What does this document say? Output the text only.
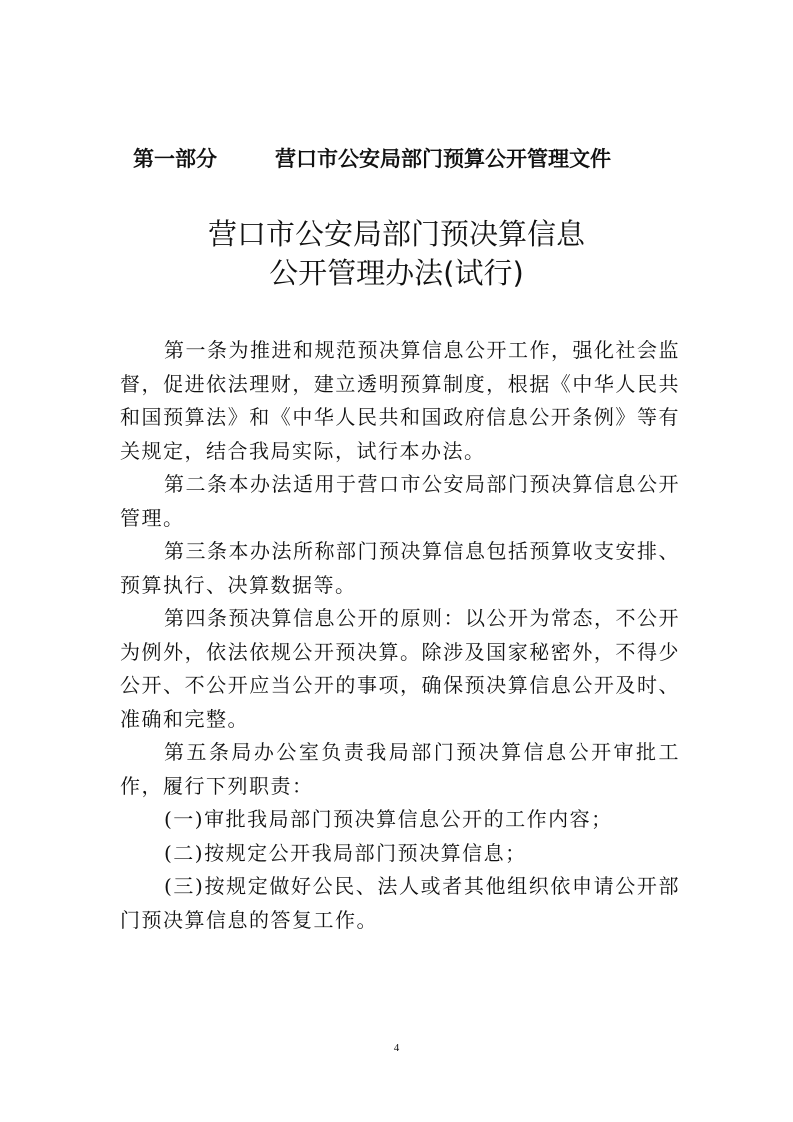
第一部分	营口市公安局部门预算公开管理文件
营口市公安局部门预决算信息
公开管理办法(试行)

第一条为推进和规范预决算信息公开工作，强化社会监督，促进依法理财，建立透明预算制度，根据《中华人民共和国预算法》和《中华人民共和国政府信息公开条例》等有关规定，结合我局实际，试行本办法。

第二条本办法适用于营口市公安局部门预决算信息公开管理。

第三条本办法所称部门预决算信息包括预算收支安排、预算执行、决算数据等。

第四条预决算信息公开的原则：以公开为常态，不公开为例外，依法依规公开预决算。除涉及国家秘密外，不得少公开、不公开应当公开的事项，确保预决算信息公开及时、准确和完整。

第五条局办公室负责我局部门预决算信息公开审批工作，履行下列职责：

(一)审批我局部门预决算信息公开的工作内容；

(二)按规定公开我局部门预决算信息；

(三)按规定做好公民、法人或者其他组织依申请公开部门预决算信息的答复工作。

4
